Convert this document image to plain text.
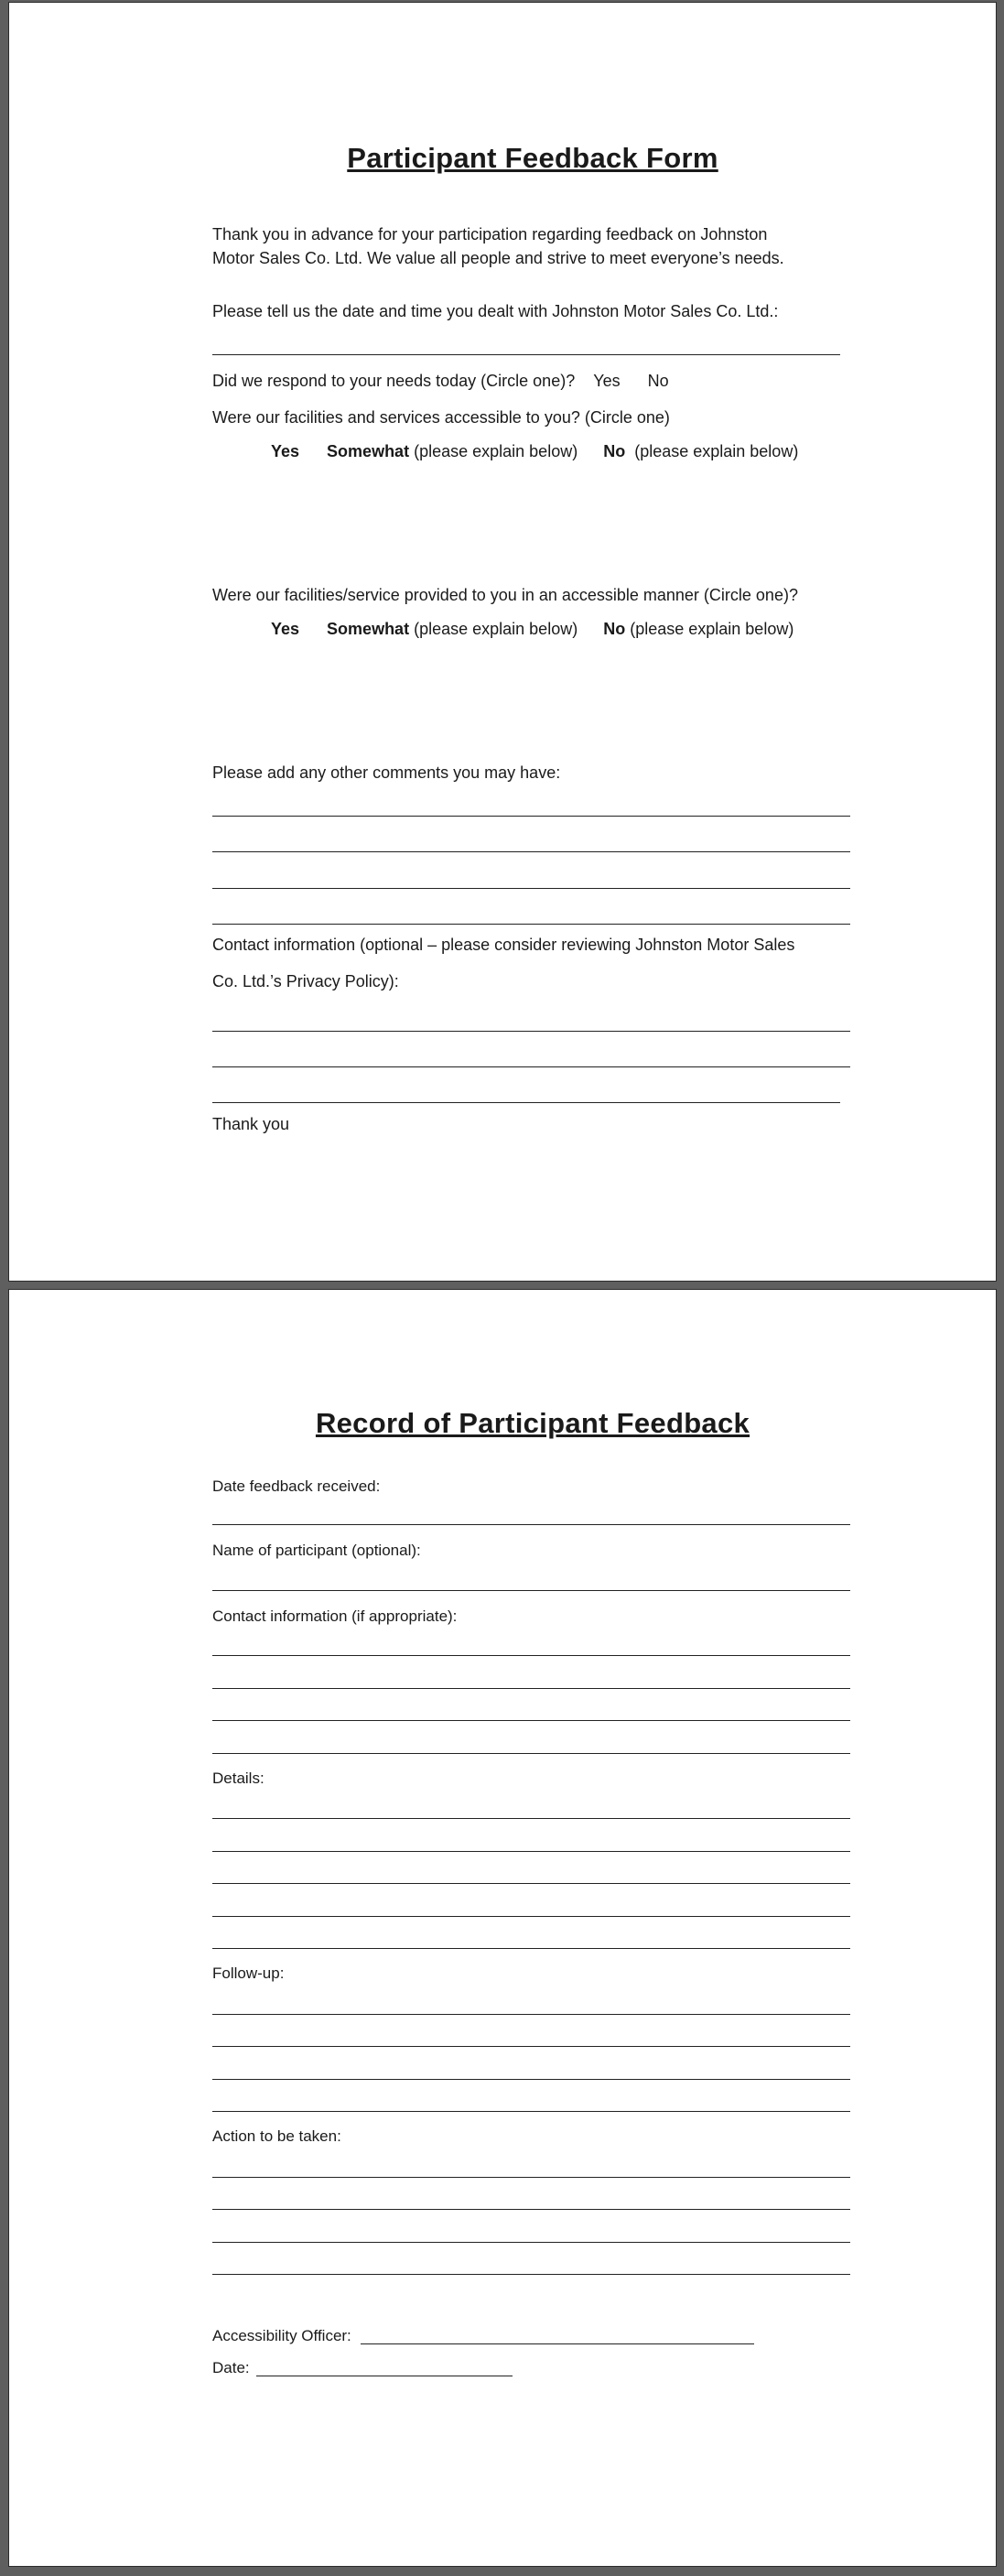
Participant Feedback Form

Thank you in advance for your participation regarding feedback on Johnston

Motor Sales Co. Ltd. We value all people and strive to meet everyone’s needs.

Please tell us the date and time you dealt with Johnston Motor Sales Co. Ltd.:

Did we respond to your needs today (Circle one)? Yes No

Were our facilities and services accessible to you? (Circle one)

Yes Somewhat (please explain below) No (please explain below)

Were our facilities/service provided to you in an accessible manner (Circle one)?

Yes Somewhat (please explain below) No (please explain below)

Please add any other comments you may have:

Contact information (optional – please consider reviewing Johnston Motor Sales

Co. Ltd.’s Privacy Policy):

Thank you

Record of Participant Feedback

Date feedback received:

Name of participant (optional):

Contact information (if appropriate):

Details:

Follow-up:

Action to be taken:

Accessibility Officer:

Date:
